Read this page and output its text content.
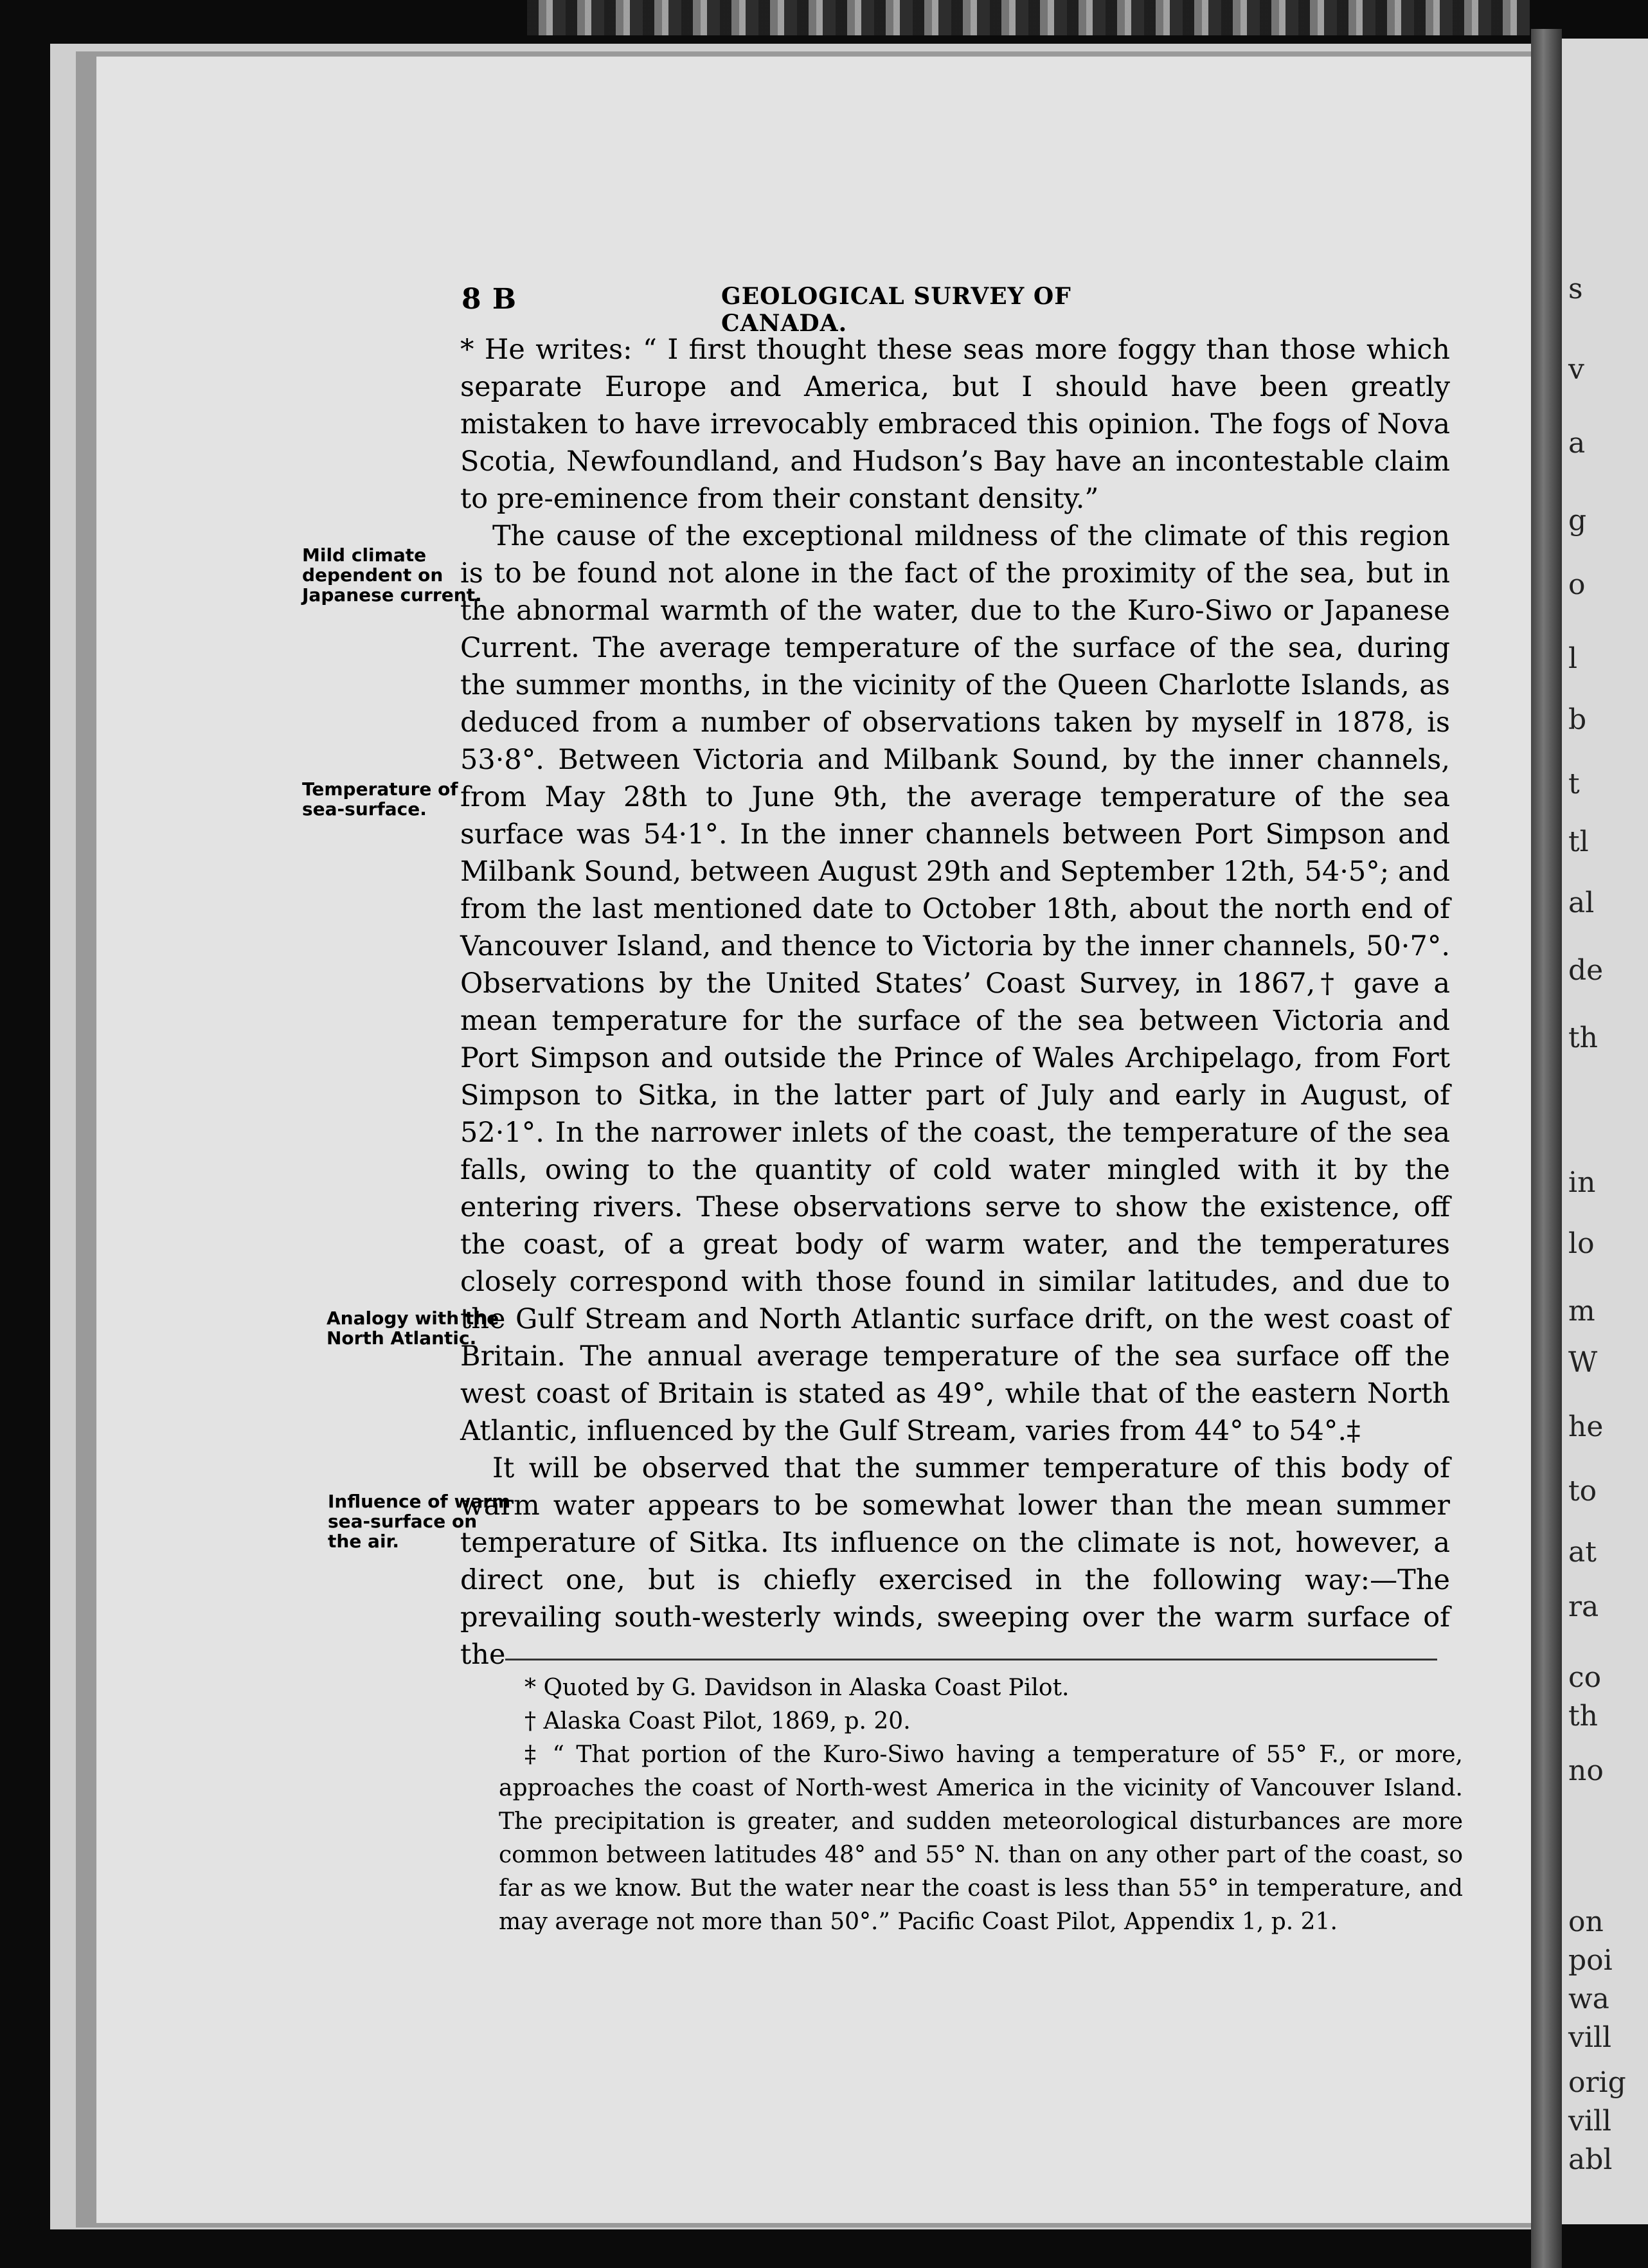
8 B	GEOLOGICAL SURVEY OF CANADA.

* He writes: “ I first thought these seas more foggy than those which separate Europe and America, but I should have been greatly mistaken to have irrevocably embraced this opinion. The fogs of Nova Scotia, Newfoundland, and Hudson’s Bay have an incontestable claim to pre-eminence from their constant density.”

The cause of the exceptional mildness of the climate of this region is to be found not alone in the fact of the proximity of the sea, but in the abnormal warmth of the water, due to the Kuro-Siwo or Japanese Current. The average temperature of the surface of the sea, during the summer months, in the vicinity of the Queen Charlotte Islands, as deduced from a number of observations taken by myself in 1878, is 53·8°. Between Victoria and Milbank Sound, by the inner channels, from May 28th to June 9th, the average temperature of the sea surface was 54·1°. In the inner channels between Port Simpson and Milbank Sound, between August 29th and September 12th, 54·5°; and from the last mentioned date to October 18th, about the north end of Vancouver Island, and thence to Victoria by the inner channels, 50·7°. Observations by the United States’ Coast Survey, in 1867,† gave a mean temperature for the surface of the sea between Victoria and Port Simpson and outside the Prince of Wales Archipelago, from Fort Simpson to Sitka, in the latter part of July and early in August, of 52·1°. In the narrower inlets of the coast, the temperature of the sea falls, owing to the quantity of cold water mingled with it by the entering rivers. These observations serve to show the existence, off the coast, of a great body of warm water, and the temperatures closely correspond with those found in similar latitudes, and due to the Gulf Stream and North Atlantic surface drift, on the west coast of Britain. The annual average temperature of the sea surface off the west coast of Britain is stated as 49°, while that of the eastern North Atlantic, influenced by the Gulf Stream, varies from 44° to 54°.‡

It will be observed that the summer temperature of this body of warm water appears to be somewhat lower than the mean summer temperature of Sitka. Its influence on the climate is not, however, a direct one, but is chiefly exercised in the following way:—The prevailing south-westerly winds, sweeping over the warm surface of the

Mild climate dependent on Japanese current.
Temperature of sea-surface.
Analogy with the North Atlantic.
Influence of warm sea-surface on the air.

* Quoted by G. Davidson in Alaska Coast Pilot.

† Alaska Coast Pilot, 1869, p. 20.

‡ “ That portion of the Kuro-Siwo having a temperature of 55° F., or more, approaches the coast of North-west America in the vicinity of Vancouver Island. The precipitation is greater, and sudden meteorological disturbances are more common between latitudes 48° and 55° N. than on any other part of the coast, so far as we know. But the water near the coast is less than 55° in temperature, and may average not more than 50°.” Pacific Coast Pilot, Appendix 1, p. 21.

s
v
a
g
o
l
b
t
tl
al
de
th
in
lo
m
W
he
to
at
ra
co
th
no
on
poi
wa
vill
orig
vill
abl
